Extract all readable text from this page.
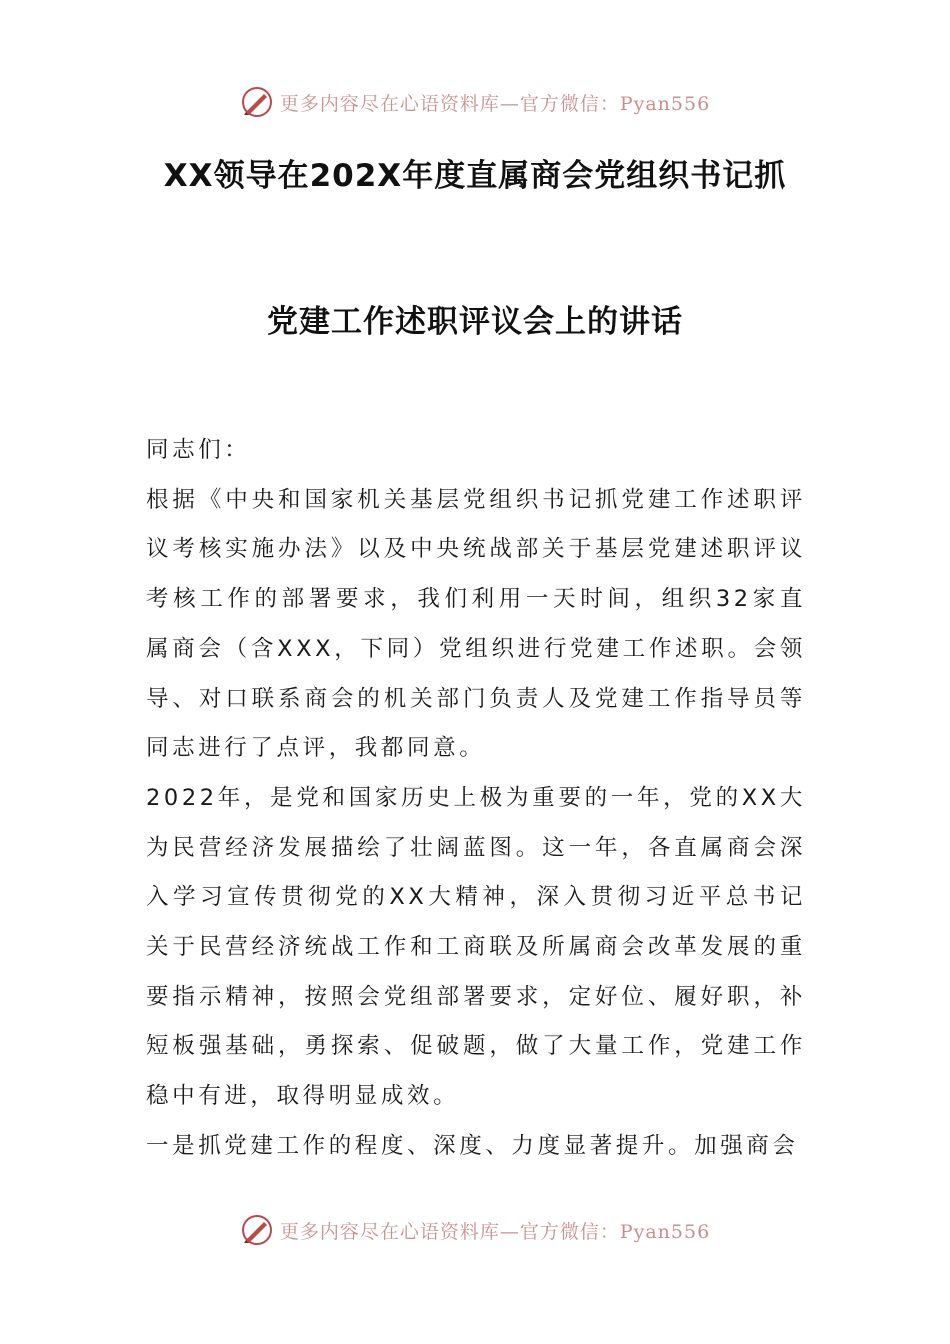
更多内容尽在心语资料库—官方微信：Pyan556
XX领导在202X年度直属商会党组织书记抓
党建工作述职评议会上的讲话

同志们：

根据《中央和国家机关基层党组织书记抓党建工作述职评议考核实施办法》以及中央统战部关于基层党建述职评议考核工作的部署要求，我们利用一天时间，组织32家直属商会（含XXX，下同）党组织进行党建工作述职。会领导、对口联系商会的机关部门负责人及党建工作指导员等同志进行了点评，我都同意。

2022年，是党和国家历史上极为重要的一年，党的XX大为民营经济发展描绘了壮阔蓝图。这一年，各直属商会深入学习宣传贯彻党的XX大精神，深入贯彻习近平总书记关于民营经济统战工作和工商联及所属商会改革发展的重要指示精神，按照会党组部署要求，定好位、履好职，补短板强基础，勇探索、促破题，做了大量工作，党建工作稳中有进，取得明显成效。

一是抓党建工作的程度、深度、力度显著提升。加强商会

更多内容尽在心语资料库—官方微信：Pyan556
